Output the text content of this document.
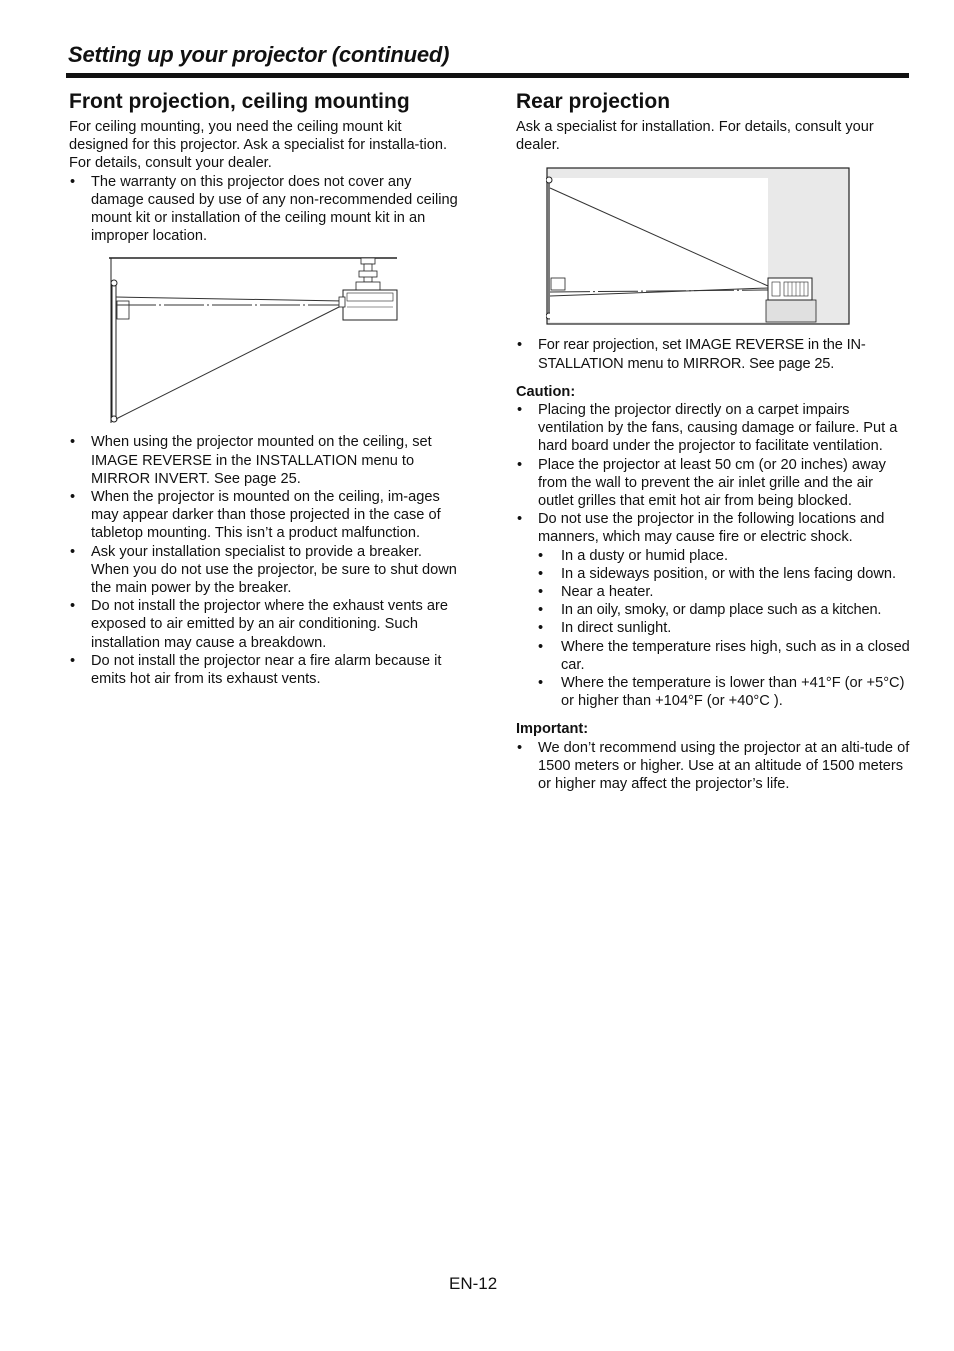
Setting up your projector (continued)
Front projection, ceiling mounting

For ceiling mounting, you need the ceiling mount kit designed for this projector. Ask a specialist for installa-tion. For details, consult your dealer.

• The warranty on this projector does not cover any damage caused by use of any non-recommended ceiling mount kit or installation of the ceiling mount kit in an improper location.
• When using the projector mounted on the ceiling, set IMAGE REVERSE in the INSTALLATION menu to MIRROR INVERT. See page 25.
• When the projector is mounted on the ceiling, im-ages may appear darker than those projected in the case of tabletop mounting. This isn’t a product malfunction.
• Ask your installation specialist to provide a breaker. When you do not use the projector, be sure to shut down the main power by the breaker.
• Do not install the projector where the exhaust vents are exposed to air emitted by an air conditioning. Such installation may cause a breakdown.
• Do not install the projector near a fire alarm because it emits hot air from its exhaust vents.
Rear projection

Ask a specialist for installation. For details, consult your dealer.

• For rear projection, set IMAGE REVERSE in the IN-STALLATION menu to MIRROR. See page 25.

Caution:

• Placing the projector directly on a carpet impairs ventilation by the fans, causing damage or failure. Put a hard board under the projector to facilitate ventilation.
• Place the projector at least 50 cm (or 20 inches) away from the wall to prevent the air inlet grille and the air outlet grilles that emit hot air from being blocked.
• Do not use the projector in the following locations and manners, which may cause fire or electric shock.
• In a dusty or humid place.
• In a sideways position, or with the lens facing down.
• Near a heater.
• In an oily, smoky, or damp place such as a kitchen.
• In direct sunlight.
• Where the temperature rises high, such as in a closed car.
• Where the temperature is lower than +41°F (or +5°C) or higher than +104°F (or +40°C ).

Important:

• We don’t recommend using the projector at an alti-tude of 1500 meters or higher. Use at an altitude of 1500 meters or higher may affect the projector’s life.

EN-12
